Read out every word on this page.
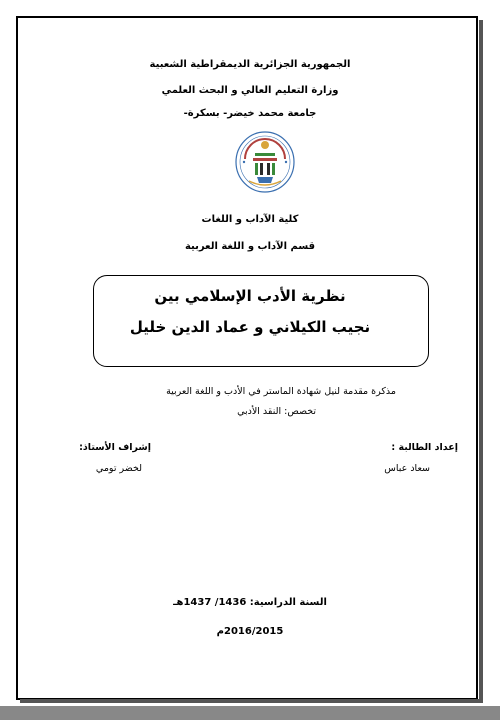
الجمهورية الجزائرية الديمقراطية الشعبية
وزارة التعليم العالي و البحث العلمي
جامعة محمد خيضر- بسكرة-
كلية الآداب و اللغات
قسم الآداب و اللغة العربية
نظرية الأدب الإسلامي بين
نجيب الكيلاني و عماد الدين خليل
مذكرة مقدمة لنيل شهادة الماستر في الأدب و اللغة العربية
تخصص: النقد الأدبي
إعداد الطالبة :
سعاد عباس
إشراف الأستاذ:
لخضر تومي
السنة الدراسية: 1436/ 1437هـ
2016/2015م
